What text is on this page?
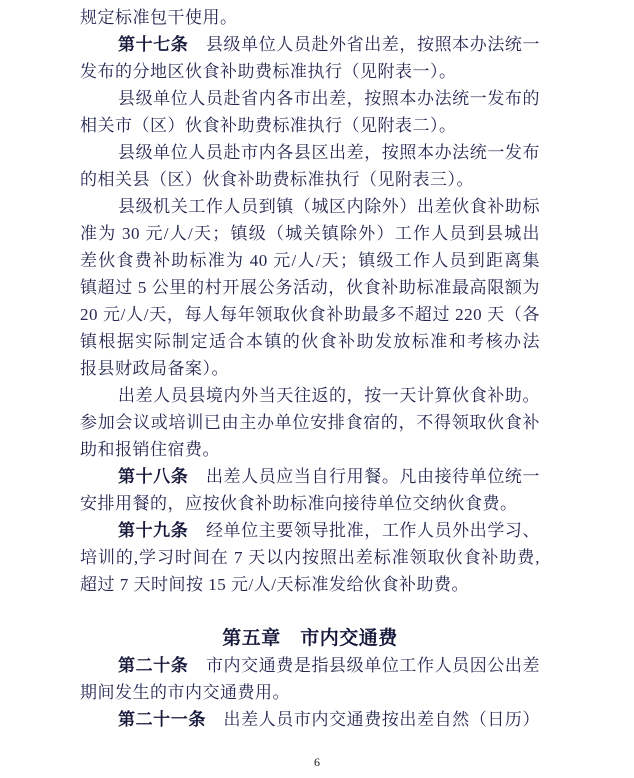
规定标准包干使用。
第十七条　县级单位人员赴外省出差，按照本办法统一
发布的分地区伙食补助费标准执行（见附表一）。
县级单位人员赴省内各市出差，按照本办法统一发布的
相关市（区）伙食补助费标准执行（见附表二）。
县级单位人员赴市内各县区出差，按照本办法统一发布
的相关县（区）伙食补助费标准执行（见附表三）。
县级机关工作人员到镇（城区内除外）出差伙食补助标
准为 30 元/人/天；镇级（城关镇除外）工作人员到县城出
差伙食费补助标准为 40 元/人/天；镇级工作人员到距离集
镇超过 5 公里的村开展公务活动，伙食补助标准最高限额为
20 元/人/天，每人每年领取伙食补助最多不超过 220 天（各
镇根据实际制定适合本镇的伙食补助发放标准和考核办法
报县财政局备案）。
出差人员县境内外当天往返的，按一天计算伙食补助。
参加会议或培训已由主办单位安排食宿的，不得领取伙食补
助和报销住宿费。
第十八条　出差人员应当自行用餐。凡由接待单位统一
安排用餐的，应按伙食补助标准向接待单位交纳伙食费。
第十九条　经单位主要领导批准，工作人员外出学习、
培训的,学习时间在 7 天以内按照出差标准领取伙食补助费,
超过 7 天时间按 15 元/人/天标准发给伙食补助费。
第五章　市内交通费
第二十条　市内交通费是指县级单位工作人员因公出差
期间发生的市内交通费用。
第二十一条　出差人员市内交通费按出差自然（日历）
6
